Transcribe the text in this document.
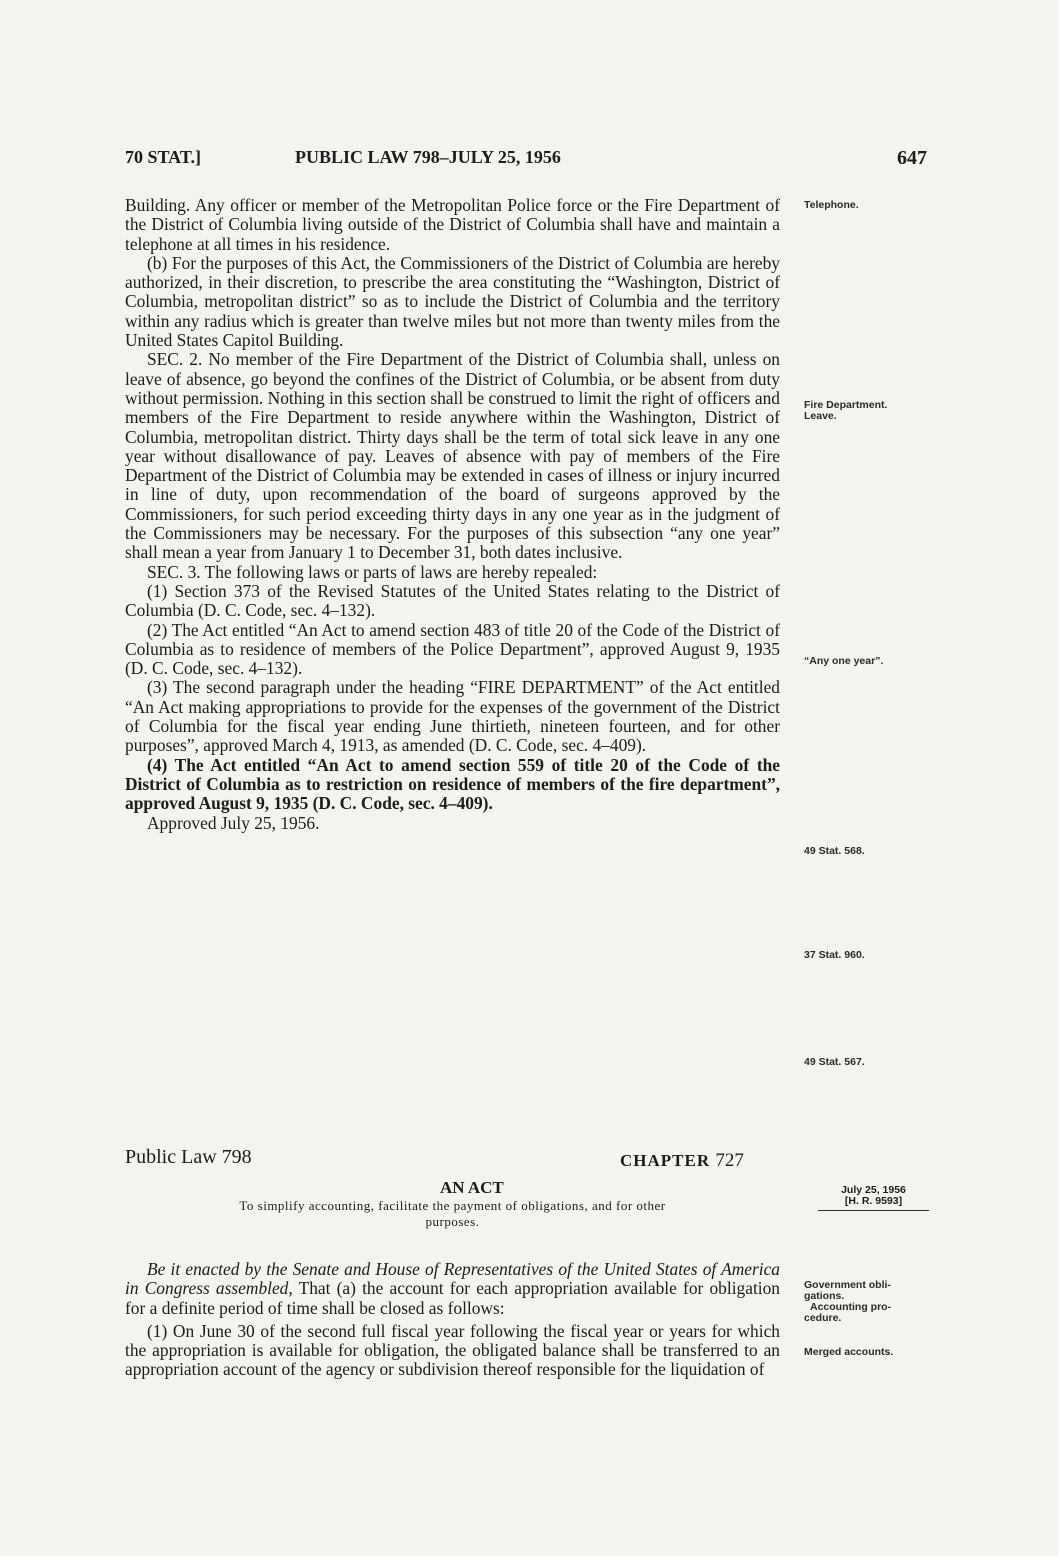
70 STAT.]	PUBLIC LAW 798–JULY 25, 1956	647

Building. Any officer or member of the Metropolitan Police force or the Fire Department of the District of Columbia living outside of the District of Columbia shall have and maintain a telephone at all times in his residence.

(b) For the purposes of this Act, the Commissioners of the District of Columbia are hereby authorized, in their discretion, to prescribe the area constituting the “Washington, District of Columbia, metropolitan district” so as to include the District of Columbia and the territory within any radius which is greater than twelve miles but not more than twenty miles from the United States Capitol Building.

SEC. 2. No member of the Fire Department of the District of Columbia shall, unless on leave of absence, go beyond the confines of the District of Columbia, or be absent from duty without permission. Nothing in this section shall be construed to limit the right of officers and members of the Fire Department to reside anywhere within the Washington, District of Columbia, metropolitan district. Thirty days shall be the term of total sick leave in any one year without disallowance of pay. Leaves of absence with pay of members of the Fire Department of the District of Columbia may be extended in cases of illness or injury incurred in line of duty, upon recommendation of the board of surgeons approved by the Commissioners, for such period exceeding thirty days in any one year as in the judgment of the Commissioners may be necessary. For the purposes of this subsection “any one year” shall mean a year from January 1 to December 31, both dates inclusive.

SEC. 3. The following laws or parts of laws are hereby repealed:

(1) Section 373 of the Revised Statutes of the United States relating to the District of Columbia (D. C. Code, sec. 4–132).

(2) The Act entitled “An Act to amend section 483 of title 20 of the Code of the District of Columbia as to residence of members of the Police Department”, approved August 9, 1935 (D. C. Code, sec. 4–132).

(3) The second paragraph under the heading “FIRE DEPARTMENT” of the Act entitled “An Act making appropriations to provide for the expenses of the government of the District of Columbia for the fiscal year ending June thirtieth, nineteen fourteen, and for other purposes”, approved March 4, 1913, as amended (D. C. Code, sec. 4–409).

(4) The Act entitled “An Act to amend section 559 of title 20 of the Code of the District of Columbia as to restriction on residence of members of the fire department”, approved August 9, 1935 (D. C. Code, sec. 4–409).

Approved July 25, 1956.

Telephone.
Fire Department.
Leave.
“Any one year”.
49 Stat. 568.
37 Stat. 960.
49 Stat. 567.
Public Law 798	CHAPTER 727
AN ACT
To simplify accounting, facilitate the payment of obligations, and for other
purposes.
July 25, 1956
[H. R. 9593]

Be it enacted by the Senate and House of Representatives of the United States of America in Congress assembled, That (a) the account for each appropriation available for obligation for a definite period of time shall be closed as follows:

(1) On June 30 of the second full fiscal year following the fiscal year or years for which the appropriation is available for obligation, the obligated balance shall be transferred to an appropriation account of the agency or subdivision thereof responsible for the liquidation of

Government obli-
gations.
Accounting pro-
cedure.
Merged accounts.
